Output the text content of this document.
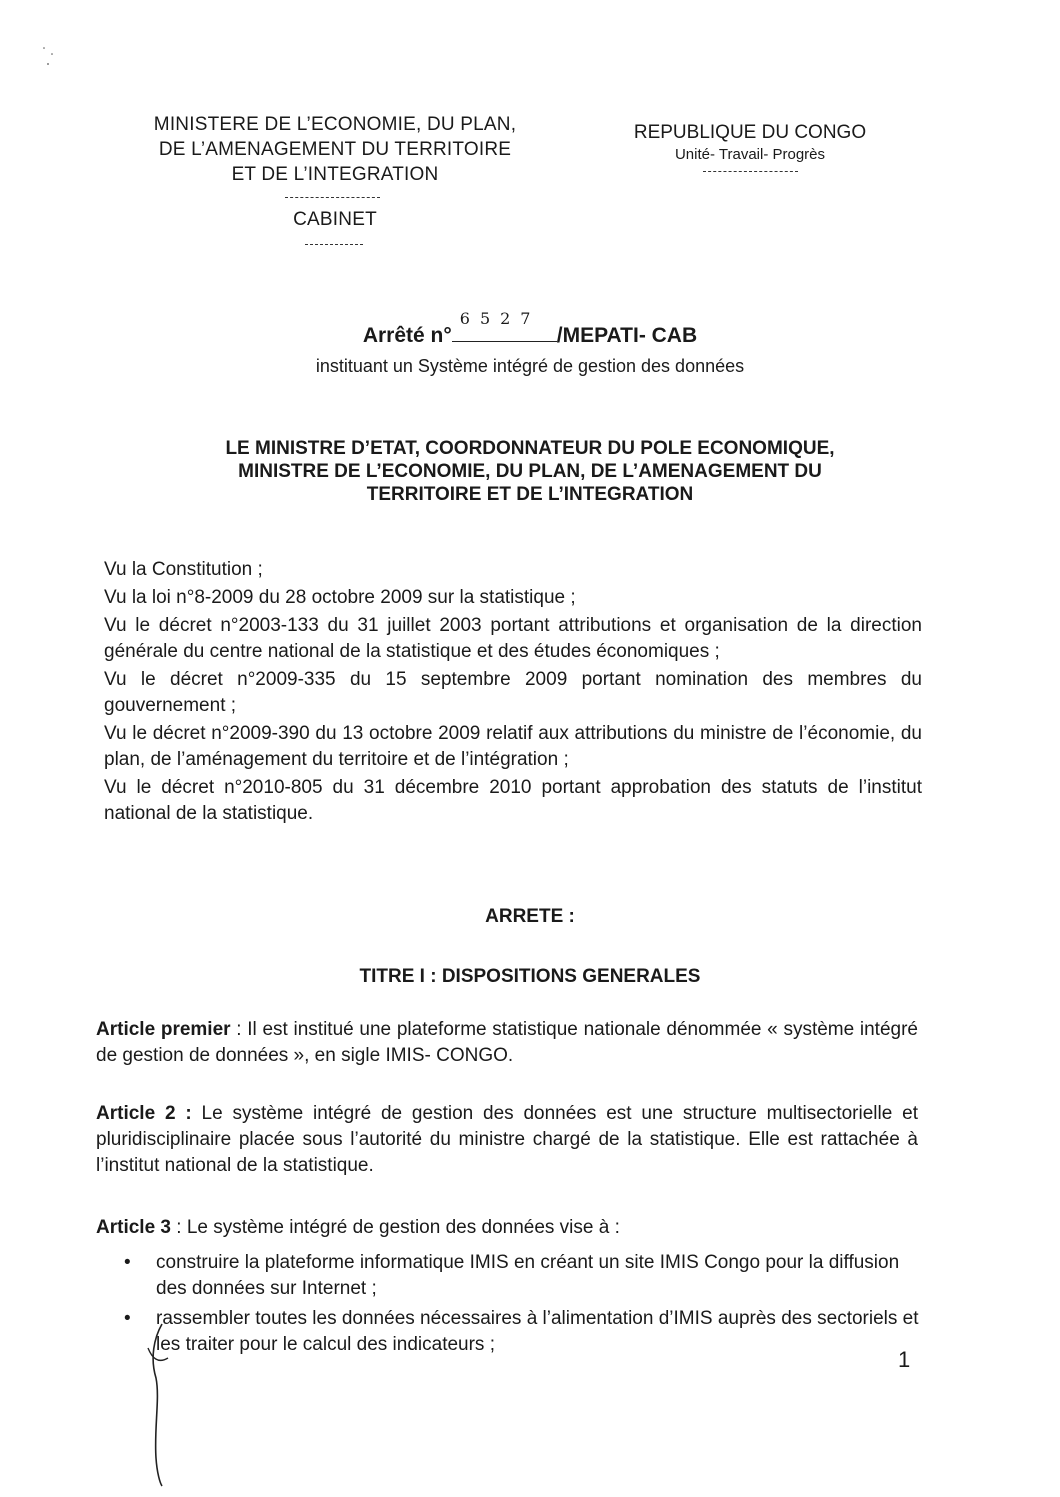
MINISTERE DE L’ECONOMIE, DU PLAN,
DE L’AMENAGEMENT DU TERRITOIRE
ET DE L’INTEGRATION
CABINET
REPUBLIQUE DU CONGO
Unité- Travail- Progrès
Arrêté n°
6527
/MEPATI- CAB
instituant un Système intégré de gestion des données
LE MINISTRE D’ETAT, COORDONNATEUR DU POLE ECONOMIQUE,
MINISTRE DE L’ECONOMIE, DU PLAN, DE L’AMENAGEMENT DU
TERRITOIRE ET DE L’INTEGRATION

Vu la Constitution ;

Vu la loi n°8-2009 du 28 octobre 2009 sur la statistique ;

Vu le décret n°2003-133 du 31 juillet 2003 portant attributions et organisation de la direction générale du centre national de la statistique et des études économiques ;

Vu le décret n°2009-335 du 15 septembre 2009 portant nomination des membres du gouvernement ;

Vu le décret n°2009-390 du 13 octobre 2009 relatif aux attributions du ministre de l’économie, du plan, de l’aménagement du territoire et de l’intégration ;

Vu le décret n°2010-805 du 31 décembre 2010 portant approbation des statuts de l’institut national de la statistique.

ARRETE :
TITRE I : DISPOSITIONS GENERALES
Article premier : Il est institué une plateforme statistique nationale dénommée « système intégré de gestion de données », en sigle IMIS- CONGO.
Article 2 : Le système intégré de gestion des données est une structure multisectorielle et pluridisciplinaire placée sous l’autorité du ministre chargé de la statistique. Elle est rattachée à l’institut national de la statistique.
Article 3 : Le système intégré de gestion des données vise à :
• construire la plateforme informatique IMIS en créant un site IMIS Congo pour la diffusion des données sur Internet ;
• rassembler toutes les données nécessaires à l’alimentation d’IMIS auprès des sectoriels et les traiter pour le calcul des indicateurs ;
1
